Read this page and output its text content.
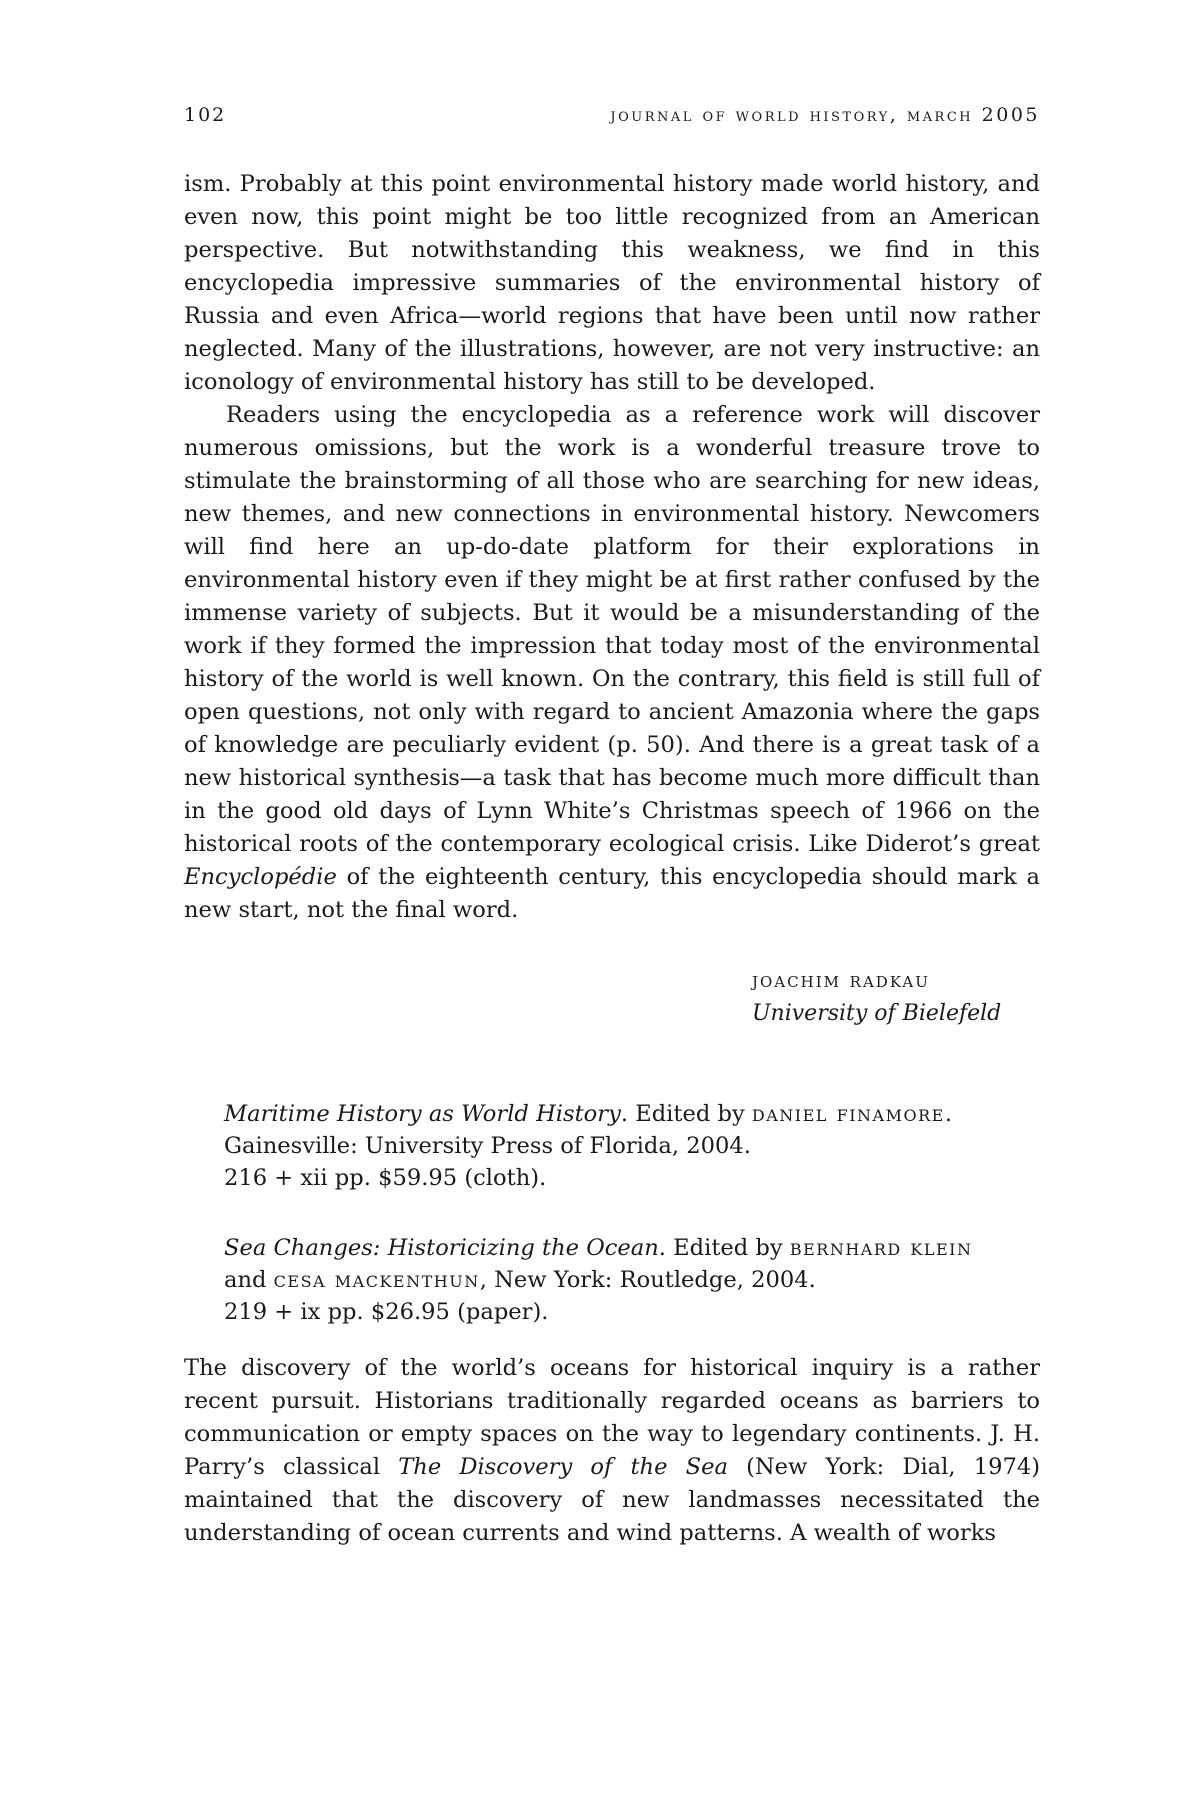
102	journal of world history, march 2005

ism. Probably at this point environmental history made world history, and even now, this point might be too little recognized from an American perspective. But notwithstanding this weakness, we find in this encyclopedia impressive summaries of the environmental history of Russia and even Africa—world regions that have been until now rather neglected. Many of the illustrations, however, are not very instructive: an iconology of environmental history has still to be developed.

Readers using the encyclopedia as a reference work will discover numerous omissions, but the work is a wonderful treasure trove to stimulate the brainstorming of all those who are searching for new ideas, new themes, and new connections in environmental history. Newcomers will find here an up-do-date platform for their explorations in environmental history even if they might be at first rather confused by the immense variety of subjects. But it would be a misunderstanding of the work if they formed the impression that today most of the environmental history of the world is well known. On the contrary, this field is still full of open questions, not only with regard to ancient Amazonia where the gaps of knowledge are peculiarly evident (p. 50). And there is a great task of a new historical synthesis—a task that has become much more difficult than in the good old days of Lynn White’s Christmas speech of 1966 on the historical roots of the contemporary ecological crisis. Like Diderot’s great Encyclopédie of the eighteenth century, this encyclopedia should mark a new start, not the final word.

joachim radkau
University of Bielefeld
Maritime History as World History. Edited by daniel finamore. Gainesville: University Press of Florida, 2004.
216 + xii pp. $59.95 (cloth).
Sea Changes: Historicizing the Ocean. Edited by bernhard klein and cesa mackenthun, New York: Routledge, 2004.
219 + ix pp. $26.95 (paper).

The discovery of the world’s oceans for historical inquiry is a rather recent pursuit. Historians traditionally regarded oceans as barriers to communication or empty spaces on the way to legendary continents. J. H. Parry’s classical The Discovery of the Sea (New York: Dial, 1974) maintained that the discovery of new landmasses necessitated the understanding of ocean currents and wind patterns. A wealth of works
